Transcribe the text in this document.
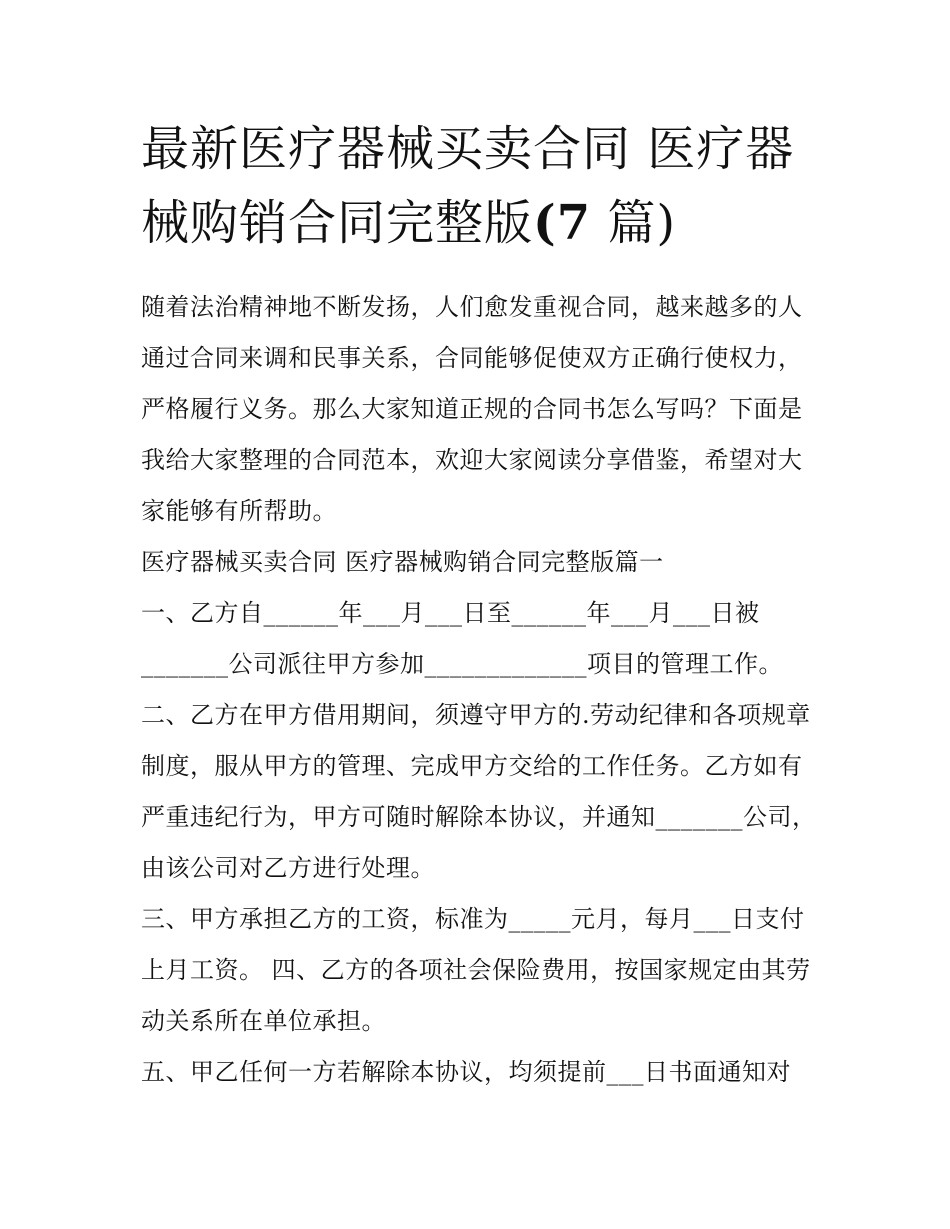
最新医疗器械买卖合同 医疗器械购销合同完整版(7 篇)

随着法治精神地不断发扬，人们愈发重视合同，越来越多的人通过合同来调和民事关系，合同能够促使双方正确行使权力，严格履行义务。那么大家知道正规的合同书怎么写吗？下面是我给大家整理的合同范本，欢迎大家阅读分享借鉴，希望对大家能够有所帮助。

医疗器械买卖合同 医疗器械购销合同完整版篇一

一、乙方自______年___月___日至______年___月___日被_______公司派往甲方参加_____________项目的管理工作。

二、乙方在甲方借用期间，须遵守甲方的.劳动纪律和各项规章制度，服从甲方的管理、完成甲方交给的工作任务。乙方如有严重违纪行为，甲方可随时解除本协议，并通知_______公司，由该公司对乙方进行处理。

三、甲方承担乙方的工资，标准为_____元月，每月___日支付上月工资。 四、乙方的各项社会保险费用，按国家规定由其劳动关系所在单位承担。

五、甲乙任何一方若解除本协议，均须提前___日书面通知对
